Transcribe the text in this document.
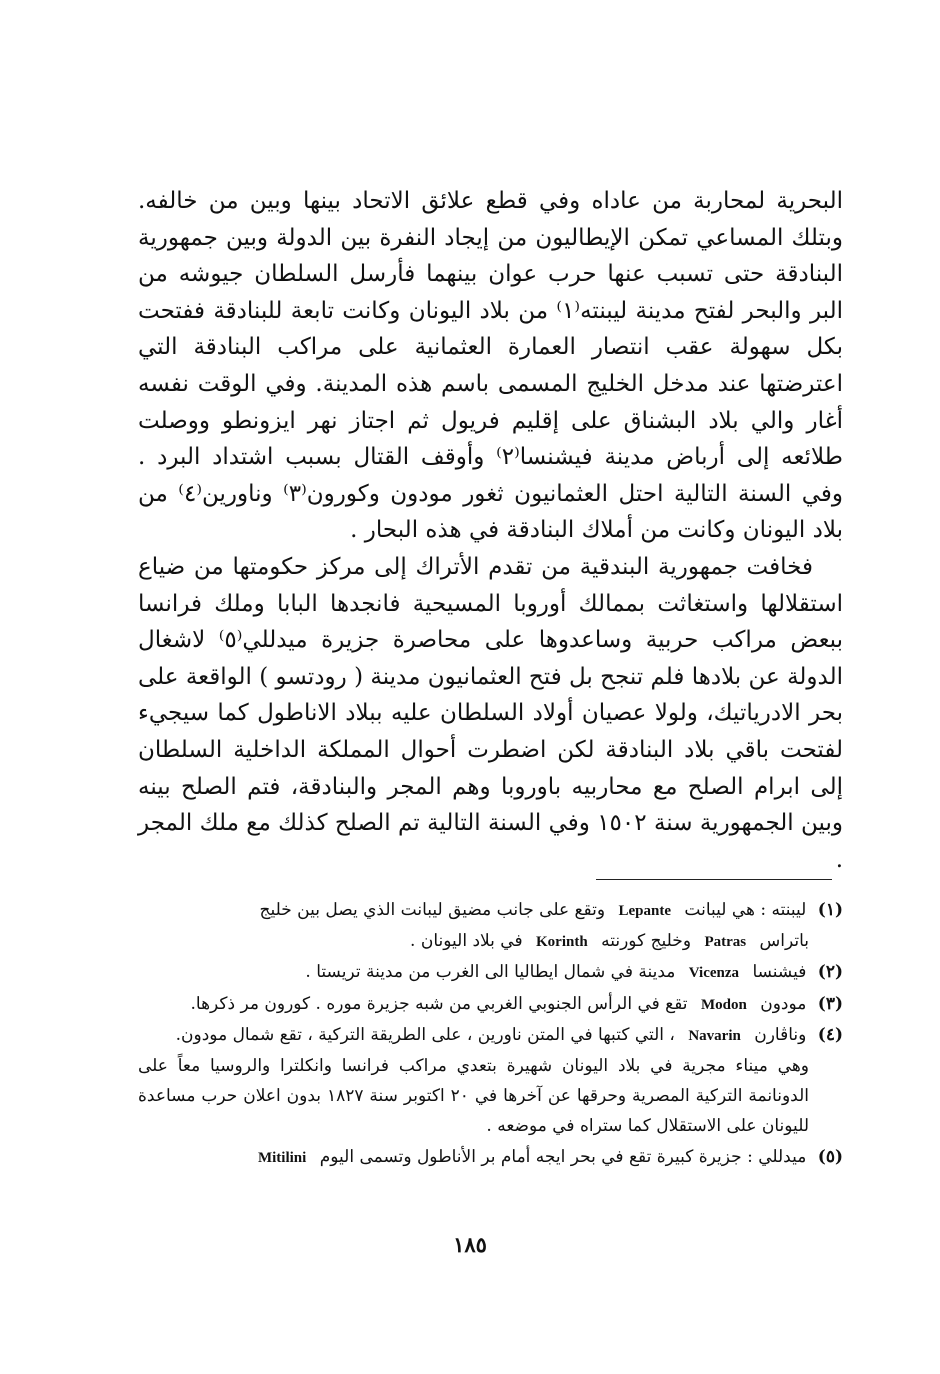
البحرية لمحاربة من عاداه وفي قطع علائق الاتحاد بينها وبين من خالفه. وبتلك المساعي تمكن الإيطاليون من إيجاد النفرة بين الدولة وبين جمهورية البنادقة حتى تسبب عنها حرب عوان بينهما فأرسل السلطان جيوشه من البر والبحر لفتح مدينة ليبنته⁽١⁾ من بلاد اليونان وكانت تابعة للبنادقة ففتحت بكل سهولة عقب انتصار العمارة العثمانية على مراكب البنادقة التي اعترضتها عند مدخل الخليج المسمى باسم هذه المدينة. وفي الوقت نفسه أغار والي بلاد البشناق على إقليم فريول ثم اجتاز نهر ايزونطو ووصلت طلائعه إلى أرباض مدينة فيشنسا⁽٢⁾ وأوقف القتال بسبب اشتداد البرد . وفي السنة التالية احتل العثمانيون ثغور مودون وكورون⁽٣⁾ وناورين⁽٤⁾ من بلاد اليونان وكانت من أملاك البنادقة في هذه البحار .

فخافت جمهورية البندقية من تقدم الأتراك إلى مركز حكومتها من ضياع استقلالها واستغاثت بممالك أوروبا المسيحية فانجدها البابا وملك فرانسا ببعض مراكب حربية وساعدوها على محاصرة جزيرة ميدللي⁽٥⁾ لاشغال الدولة عن بلادها فلم تنجح بل فتح العثمانيون مدينة ( رودتسو ) الواقعة على بحر الادرياتيك، ولولا عصيان أولاد السلطان عليه ببلاد الاناطول كما سيجيء لفتحت باقي بلاد البنادقة لكن اضطرت أحوال المملكة الداخلية السلطان إلى ابرام الصلح مع محاربيه باوروبا وهم المجر والبنادقة، فتم الصلح بينه وبين الجمهورية سنة ١٥٠٢ وفي السنة التالية تم الصلح كذلك مع ملك المجر .

(١) ليبنته : هي ليبانت Lepante وتقع على جانب مضيق ليبانت الذي يصل بين خليج
باتراس Patras وخليج كورنته Korinth في بلاد اليونان .

(٢) فيشنسا Vicenza مدينة في شمال ايطاليا الى الغرب من مدينة تريستا .

(٣) مودون Modon تقع في الرأس الجنوبي الغربي من شبه جزيرة موره . كورون مر ذكرها.

(٤) وناڤارن Navarin ، التي كتبها في المتن ناورين ، على الطريقة التركية ، تقع شمال مودون.
وهي ميناء مجرية في بلاد اليونان شهيرة بتعدي مراكب فرانسا وانكلترا والروسيا معاً على الدونانمة التركية المصرية وحرقها عن آخرها في ٢٠ اكتوبر سنة ١٨٢٧ بدون اعلان حرب مساعدة لليونان على الاستقلال كما ستراه في موضعه .

(٥) ميدللي : جزيرة كبيرة تقع في بحر ايجه أمام بر الأناطول وتسمى اليوم Mitilini

١٨٥
